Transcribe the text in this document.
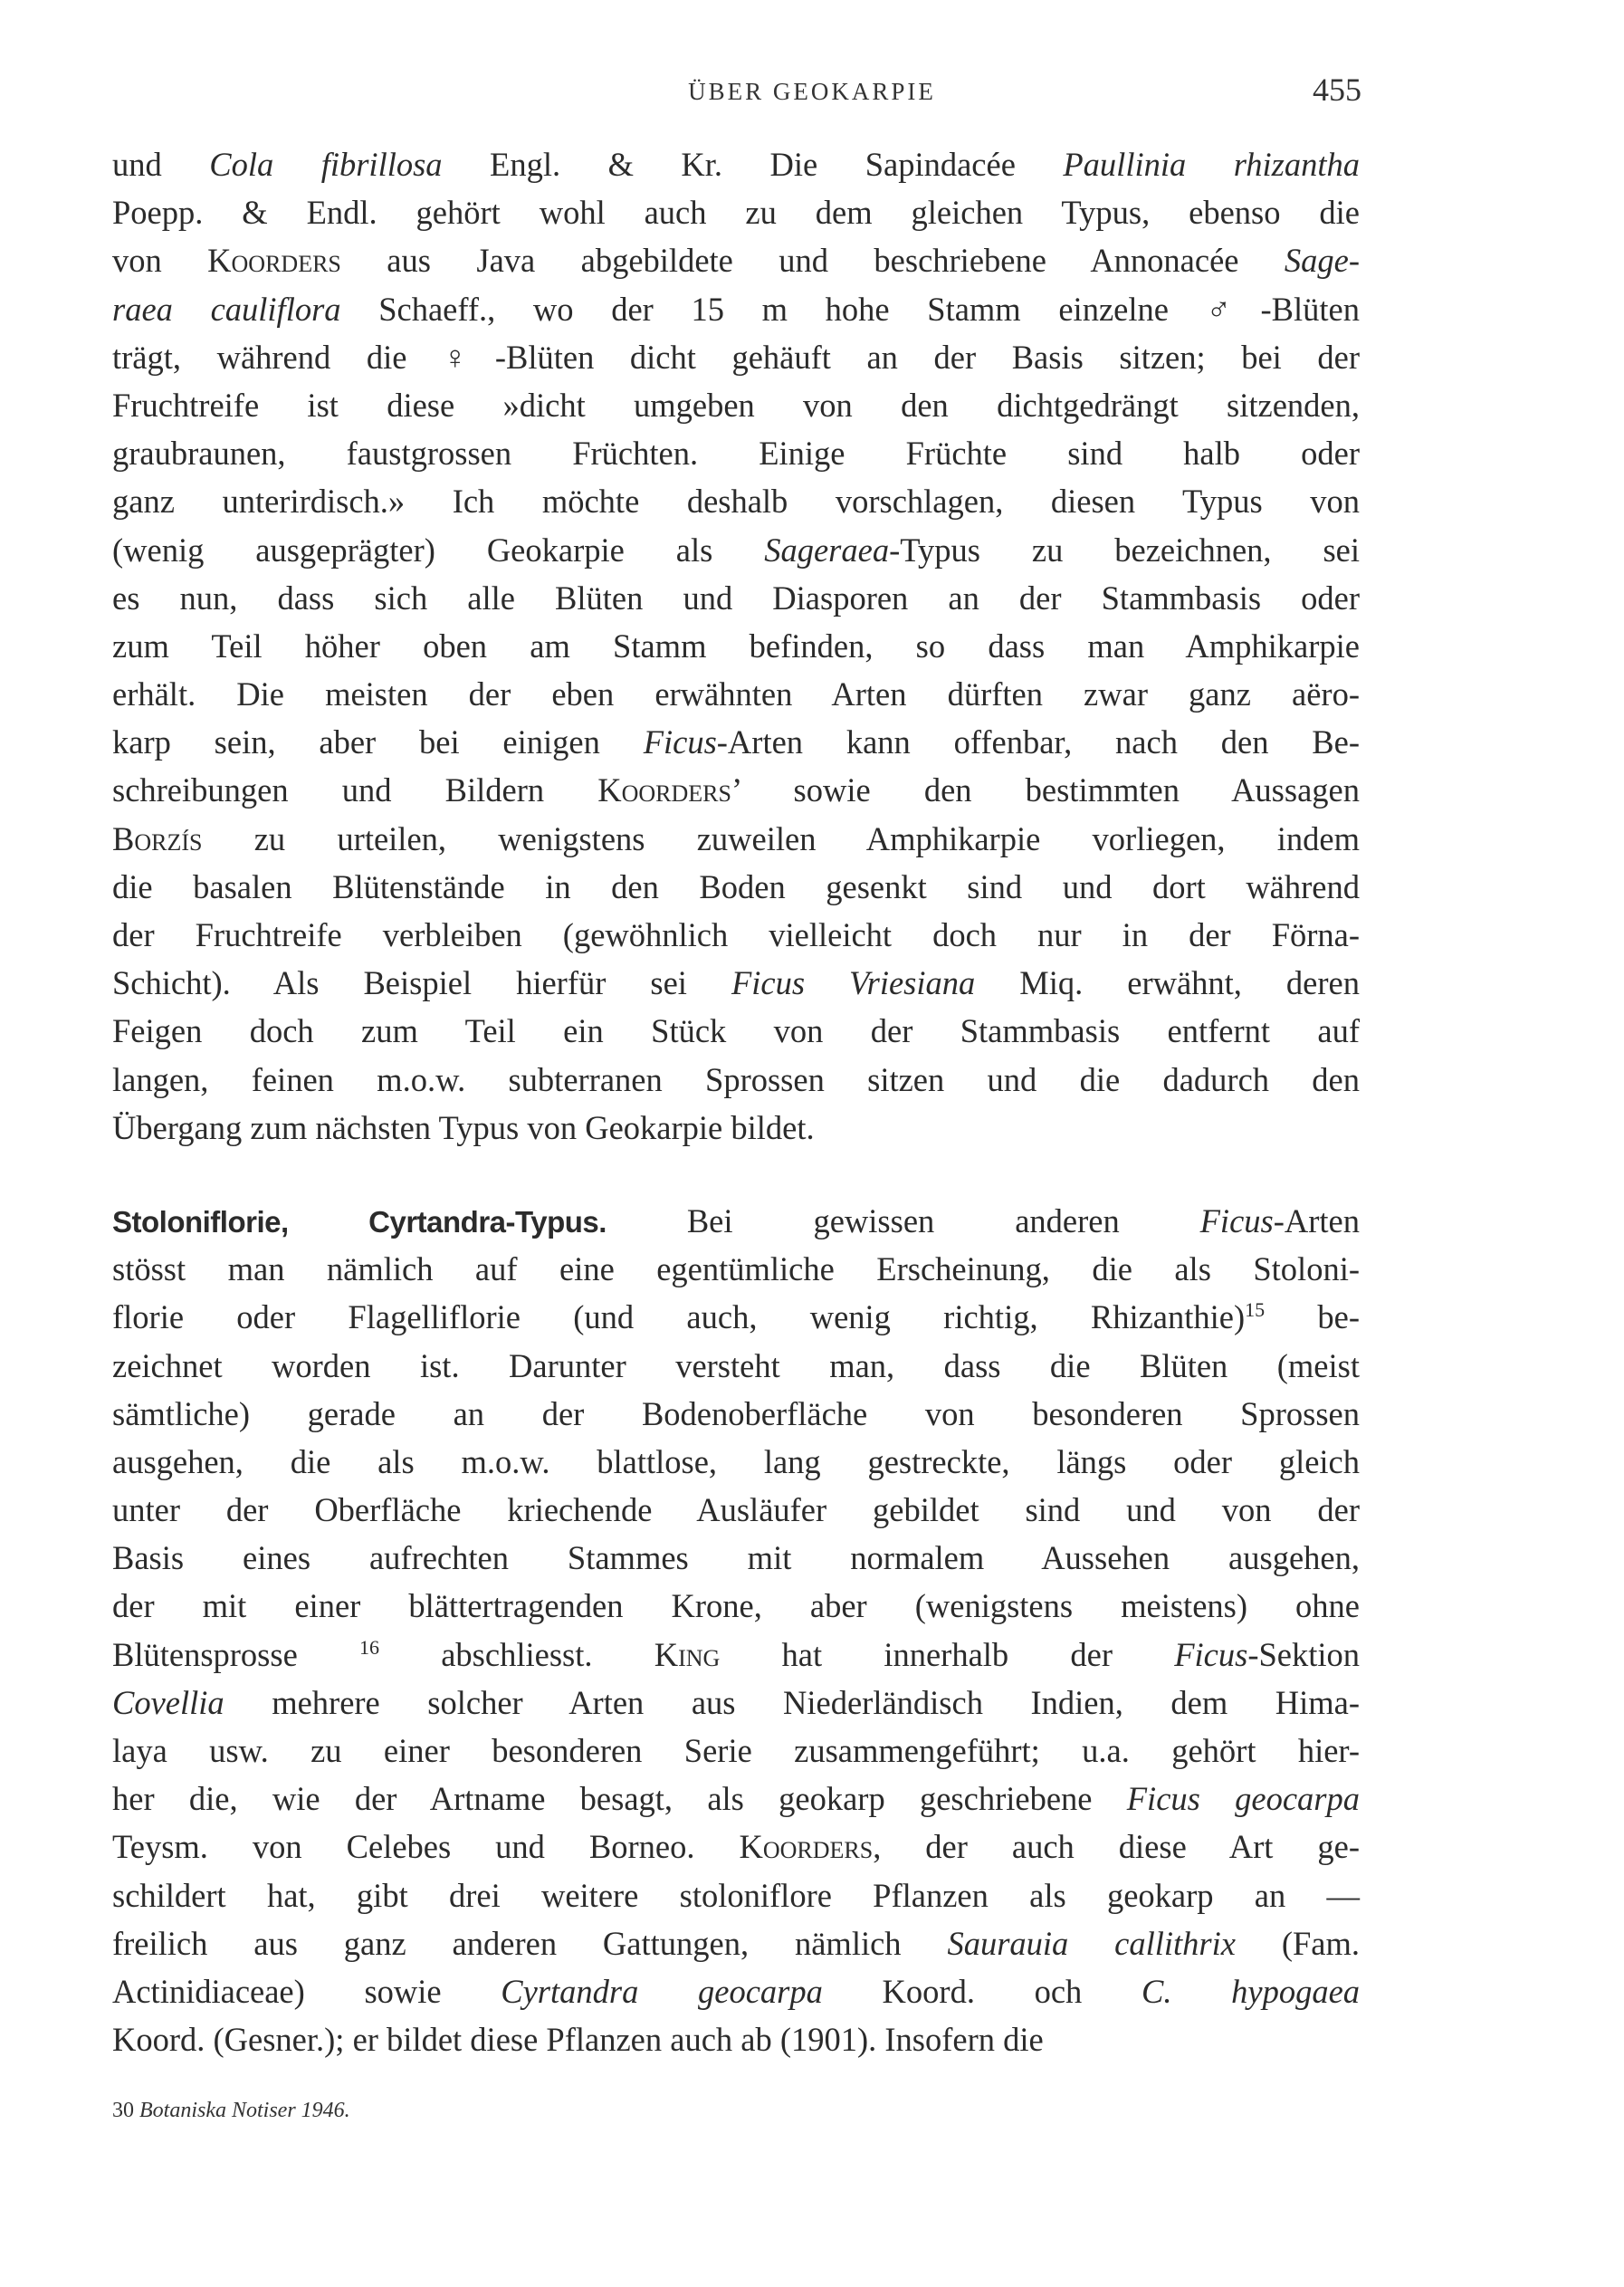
ÜBER GEOKARPIE	455
und Cola fibrillosa Engl. & Kr. Die Sapindacée Paullinia rhizantha
Poepp. & Endl. gehört wohl auch zu dem gleichen Typus, ebenso die
von Koorders aus Java abgebildete und beschriebene Annonacée Sage-
raea cauliflora Schaeff., wo der 15 m hohe Stamm einzelne ♂-Blüten
trägt, während die ♀-Blüten dicht gehäuft an der Basis sitzen; bei der
Fruchtreife ist diese »dicht umgeben von den dichtgedrängt sitzenden,
graubraunen, faustgrossen Früchten. Einige Früchte sind halb oder
ganz unterirdisch.» Ich möchte deshalb vorschlagen, diesen Typus von
(wenig ausgeprägter) Geokarpie als Sageraea-Typus zu bezeichnen, sei
es nun, dass sich alle Blüten und Diasporen an der Stammbasis oder
zum Teil höher oben am Stamm befinden, so dass man Amphikarpie
erhält. Die meisten der eben erwähnten Arten dürften zwar ganz aëro-
karp sein, aber bei einigen Ficus-Arten kann offenbar, nach den Be-
schreibungen und Bildern Koorders’ sowie den bestimmten Aussagen
Borzís zu urteilen, wenigstens zuweilen Amphikarpie vorliegen, indem
die basalen Blütenstände in den Boden gesenkt sind und dort während
der Fruchtreife verbleiben (gewöhnlich vielleicht doch nur in der Förna-
Schicht). Als Beispiel hierfür sei Ficus Vriesiana Miq. erwähnt, deren
Feigen doch zum Teil ein Stück von der Stammbasis entfernt auf
langen, feinen m.o.w. subterranen Sprossen sitzen und die dadurch den
Übergang zum nächsten Typus von Geokarpie bildet.
Stoloniflorie, Cyrtandra-Typus. Bei gewissen anderen Ficus-Arten
stösst man nämlich auf eine egentümliche Erscheinung, die als Stoloni-
florie oder Flagelliflorie (und auch, wenig richtig, Rhizanthie)$^{15}$ be-
zeichnet worden ist. Darunter versteht man, dass die Blüten (meist
sämtliche) gerade an der Bodenoberfläche von besonderen Sprossen
ausgehen, die als m.o.w. blattlose, lang gestreckte, längs oder gleich
unter der Oberfläche kriechende Ausläufer gebildet sind und von der
Basis eines aufrechten Stammes mit normalem Aussehen ausgehen,
der mit einer blättertragenden Krone, aber (wenigstens meistens) ohne
Blütensprosse $^{16}$ abschliesst. King hat innerhalb der Ficus-Sektion
Covellia mehrere solcher Arten aus Niederländisch Indien, dem Hima-
laya usw. zu einer besonderen Serie zusammengeführt; u.a. gehört hier-
her die, wie der Artname besagt, als geokarp geschriebene Ficus geocarpa
Teysm. von Celebes und Borneo. Koorders, der auch diese Art ge-
schildert hat, gibt drei weitere stoloniflore Pflanzen als geokarp an —
freilich aus ganz anderen Gattungen, nämlich Saurauia callithrix (Fam.
Actinidiaceae) sowie Cyrtandra geocarpa Koord. och C. hypogaea
Koord. (Gesner.); er bildet diese Pflanzen auch ab (1901). Insofern die
30 Botaniska Notiser 1946.
